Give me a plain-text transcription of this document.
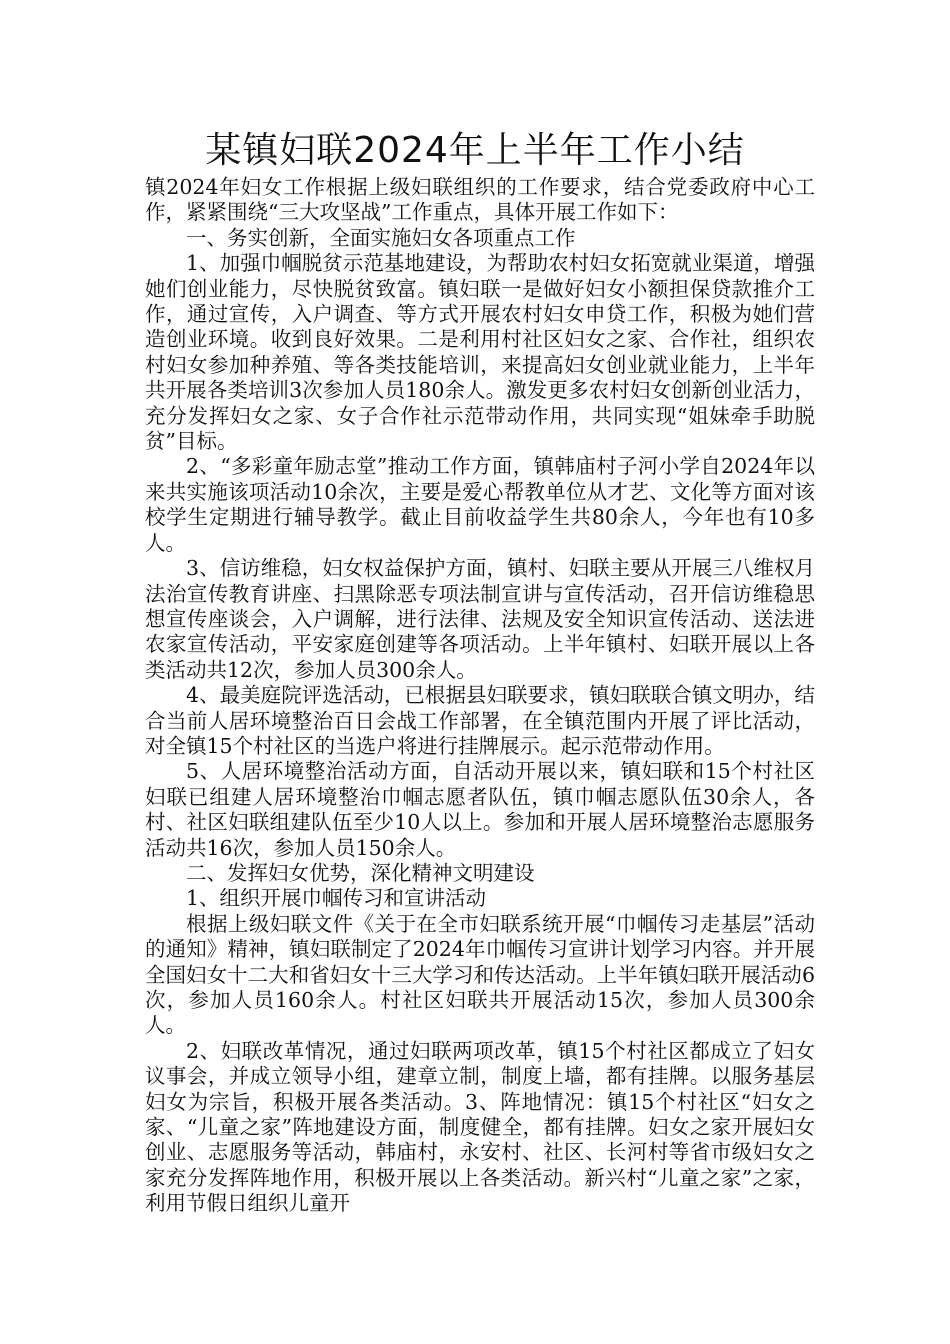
某镇妇联2024年上半年工作小结

镇2024年妇女工作根据上级妇联组织的工作要求，结合党委政府中心工作，紧紧围绕“三大攻坚战”工作重点，具体开展工作如下：

一、务实创新，全面实施妇女各项重点工作

1、加强巾帼脱贫示范基地建设，为帮助农村妇女拓宽就业渠道，增强她们创业能力，尽快脱贫致富。镇妇联一是做好妇女小额担保贷款推介工作，通过宣传，入户调查、等方式开展农村妇女申贷工作，积极为她们营造创业环境。收到良好效果。二是利用村社区妇女之家、合作社，组织农村妇女参加种养殖、等各类技能培训，来提高妇女创业就业能力，上半年共开展各类培训3次参加人员180余人。激发更多农村妇女创新创业活力，充分发挥妇女之家、女子合作社示范带动作用，共同实现“姐妹牵手助脱贫”目标。

2、“多彩童年励志堂”推动工作方面，镇韩庙村子河小学自2024年以来共实施该项活动10余次，主要是爱心帮教单位从才艺、文化等方面对该校学生定期进行辅导教学。截止目前收益学生共80余人，今年也有10多人。

3、信访维稳，妇女权益保护方面，镇村、妇联主要从开展三八维权月法治宣传教育讲座、扫黑除恶专项法制宣讲与宣传活动，召开信访维稳思想宣传座谈会，入户调解，进行法律、法规及安全知识宣传活动、送法进农家宣传活动，平安家庭创建等各项活动。上半年镇村、妇联开展以上各类活动共12次，参加人员300余人。

4、最美庭院评选活动，已根据县妇联要求，镇妇联联合镇文明办，结合当前人居环境整治百日会战工作部署，在全镇范围内开展了评比活动，对全镇15个村社区的当选户将进行挂牌展示。起示范带动作用。

5、人居环境整治活动方面，自活动开展以来，镇妇联和15个村社区妇联已组建人居环境整治巾帼志愿者队伍，镇巾帼志愿队伍30余人，各村、社区妇联组建队伍至少10人以上。参加和开展人居环境整治志愿服务活动共16次，参加人员150余人。

二、发挥妇女优势，深化精神文明建设

1、组织开展巾帼传习和宣讲活动

根据上级妇联文件《关于在全市妇联系统开展“巾帼传习走基层”活动的通知》精神，镇妇联制定了2024年巾帼传习宣讲计划学习内容。并开展全国妇女十二大和省妇女十三大学习和传达活动。上半年镇妇联开展活动6次，参加人员160余人。村社区妇联共开展活动15次，参加人员300余人。

2、妇联改革情况，通过妇联两项改革，镇15个村社区都成立了妇女议事会，并成立领导小组，建章立制，制度上墙，都有挂牌。以服务基层妇女为宗旨，积极开展各类活动。3、阵地情况：镇15个村社区“妇女之家、“儿童之家”阵地建设方面，制度健全，都有挂牌。妇女之家开展妇女创业、志愿服务等活动，韩庙村，永安村、社区、长河村等省市级妇女之家充分发挥阵地作用，积极开展以上各类活动。新兴村“儿童之家”之家，利用节假日组织儿童开
